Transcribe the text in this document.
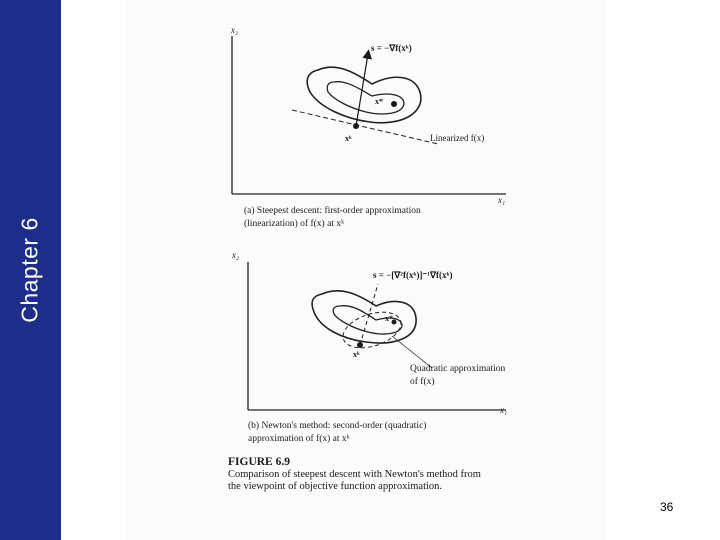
Chapter 6
x₂
x₁
s = −∇f(xᵏ)
x*
xᵏ	Linearized f(x)
(a) Steepest descent: first-order approximation
(linearization) of f(x) at xᵏ
x₂
x₁
s = −[∇²f(xᵏ)]⁻¹∇f(xᵏ)
x*
xᵏ
Quadratic approximation
of f(x)
(b) Newton's method: second-order (quadratic)
approximation of f(x) at xᵏ
FIGURE 6.9
Comparison of steepest descent with Newton's method from
the viewpoint of objective function approximation.
36
